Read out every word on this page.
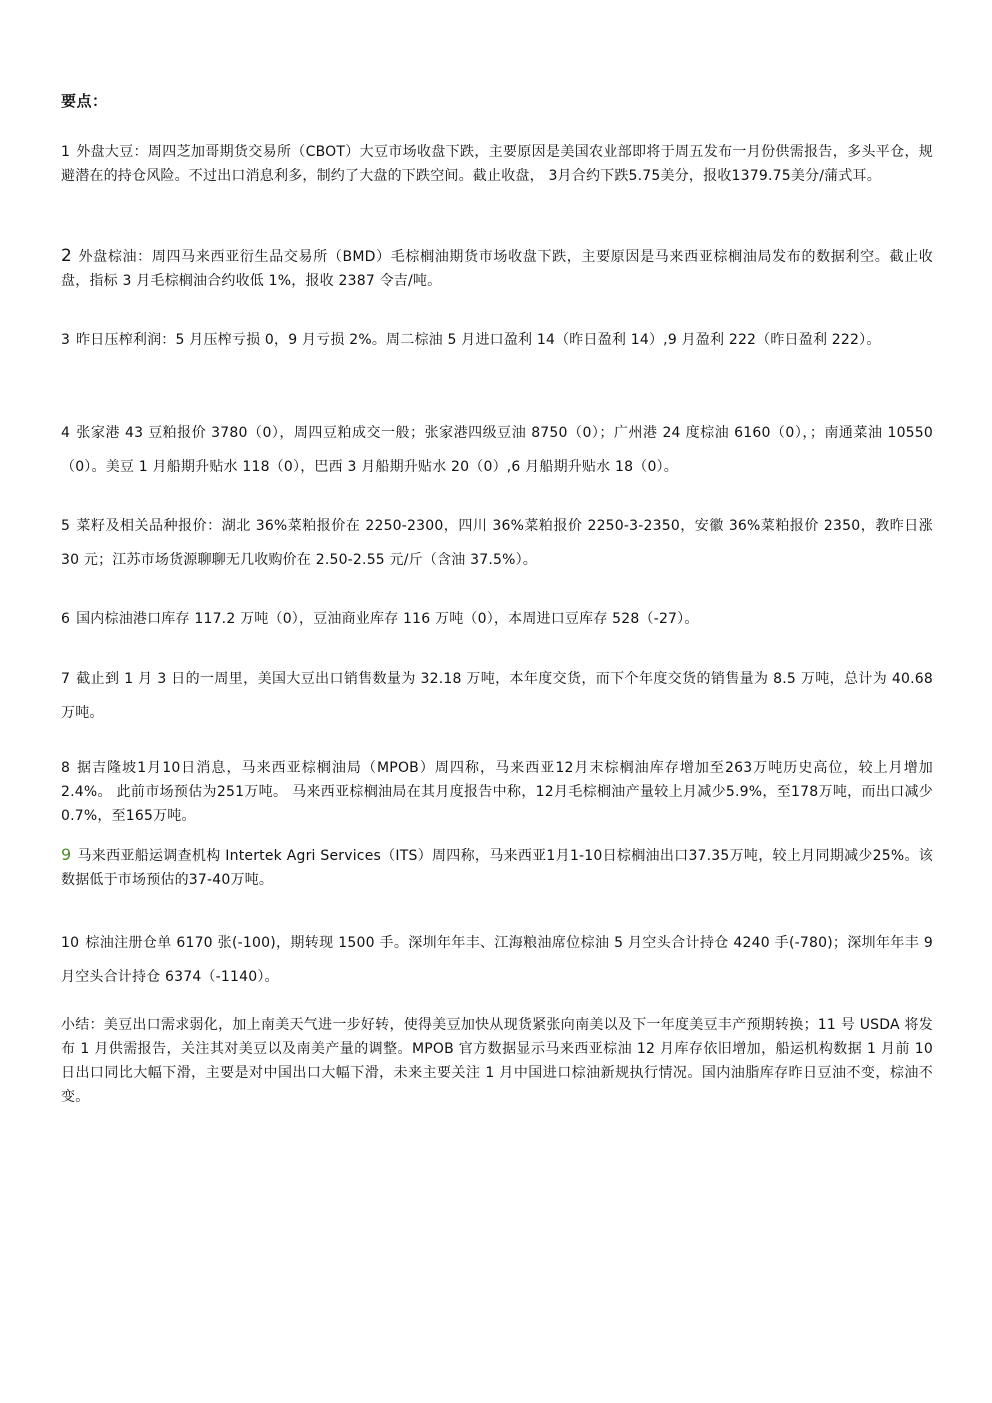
要点：
1 外盘大豆：周四芝加哥期货交易所（CBOT）大豆市场收盘下跌，主要原因是美国农业部即将于周五发布一月份供需报告，多头平仓，规避潜在的持仓风险。不过出口消息利多，制约了大盘的下跌空间。截止收盘， 3月合约下跌5.75美分，报收1379.75美分/蒲式耳。
2 外盘棕油：周四马来西亚衍生品交易所（BMD）毛棕榈油期货市场收盘下跌，主要原因是马来西亚棕榈油局发布的数据利空。截止收盘，指标 3 月毛棕榈油合约收低 1%，报收 2387 令吉/吨。
3 昨日压榨利润：5 月压榨亏损 0，9 月亏损 2%。周二棕油 5 月进口盈利 14（昨日盈利 14）,9 月盈利 222（昨日盈利 222）。
4 张家港 43 豆粕报价 3780（0），周四豆粕成交一般；张家港四级豆油 8750（0）；广州港 24 度棕油 6160（0），；南通菜油 10550（0）。美豆 1 月船期升贴水 118（0），巴西 3 月船期升贴水 20（0）,6 月船期升贴水 18（0）。
5 菜籽及相关品种报价：湖北 36%菜粕报价在 2250-2300，四川 36%菜粕报价 2250-3-2350，安徽 36%菜粕报价 2350，教昨日涨 30 元；江苏市场货源聊聊无几收购价在 2.50-2.55 元/斤（含油 37.5%）。
6 国内棕油港口库存 117.2 万吨（0），豆油商业库存 116 万吨（0），本周进口豆库存 528（-27）。
7 截止到 1 月 3 日的一周里，美国大豆出口销售数量为 32.18 万吨，本年度交货，而下个年度交货的销售量为 8.5 万吨，总计为 40.68 万吨。
8 据吉隆坡1月10日消息，马来西亚棕榈油局（MPOB）周四称，马来西亚12月末棕榈油库存增加至263万吨历史高位，较上月增加2.4%。 此前市场预估为251万吨。 马来西亚棕榈油局在其月度报告中称，12月毛棕榈油产量较上月减少5.9%，至178万吨，而出口减少0.7%，至165万吨。
9 马来西亚船运调查机构 Intertek Agri Services（ITS）周四称，马来西亚1月1-10日棕榈油出口37.35万吨，较上月同期减少25%。该数据低于市场预估的37-40万吨。
10 棕油注册仓单 6170 张(-100)，期转现 1500 手。深圳年年丰、江海粮油席位棕油 5 月空头合计持仓 4240 手(-780)；深圳年年丰 9 月空头合计持仓 6374（-1140）。
小结：美豆出口需求弱化，加上南美天气进一步好转，使得美豆加快从现货紧张向南美以及下一年度美豆丰产预期转换；11 号 USDA 将发布 1 月供需报告，关注其对美豆以及南美产量的调整。MPOB 官方数据显示马来西亚棕油 12 月库存依旧增加，船运机构数据 1 月前 10 日出口同比大幅下滑，主要是对中国出口大幅下滑，未来主要关注 1 月中国进口棕油新规执行情况。国内油脂库存昨日豆油不变，棕油不变。
